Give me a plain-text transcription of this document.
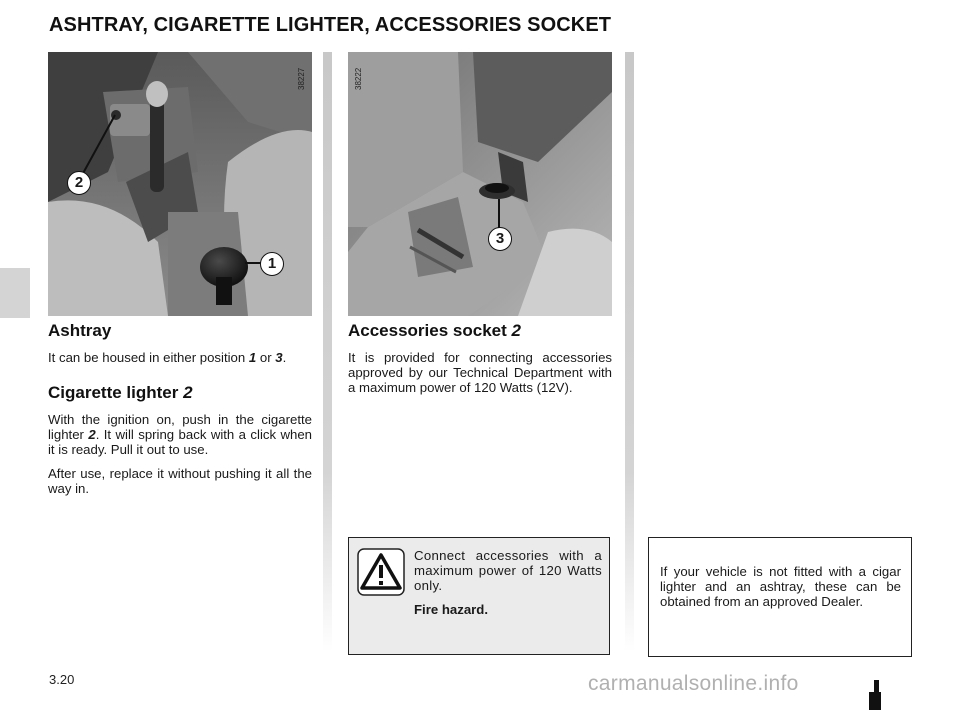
ASHTRAY, CIGARETTE LIGHTER, ACCESSORIES SOCKET
38227
2
1
38222
3
Ashtray

It can be housed in either position 1 or 3.

Cigarette lighter 2

With the ignition on, push in the cigarette lighter 2. It will spring back with a click when it is ready. Pull it out to use.

After use, replace it without pushing it all the way in.

Accessories socket 2

It is provided for connecting accessories approved by our Technical Department with a maximum power of 120 Watts (12V).

Connect accessories with a maximum power of 120 Watts only.

Fire hazard.

If your vehicle is not fitted with a cigar lighter and an ashtray, these can be obtained from an approved Dealer.

3.20	carmanualsonline.info
